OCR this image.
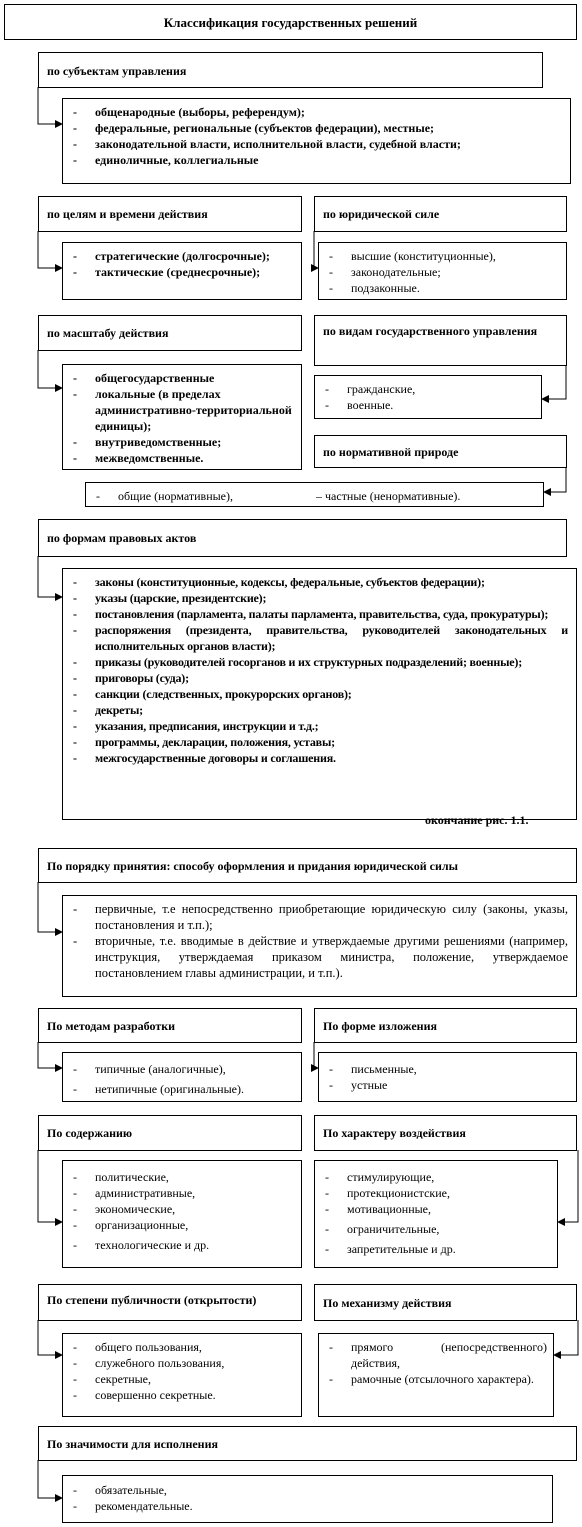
Классификация государственных решений
по субъектам управления
- общенародные (выборы, референдум);
- федеральные, региональные (субъектов федерации), местные;
- законодательной власти, исполнительной власти, судебной власти;
- единоличные, коллегиальные
по целям и времени действия
- стратегические (долгосрочные);
- тактические (среднесрочные);
по юридической силе
- высшие (конституционные),
- законодательные;
- подзаконные.
по масштабу действия
- общегосударственные
- локальные (в пределах административно-территориальной единицы);
- внутриведомственные;
- межведомственные.
по видам государственного управления
- гражданские,
- военные.
по нормативной природе
- общие (нормативные),	– частные (ненормативные).
по формам правовых актов
- законы (конституционные, кодексы, федеральные, субъектов федерации);
- указы (царские, президентские);
- постановления (парламента, палаты парламента, правительства, суда, прокуратуры);
- распоряжения (президента, правительства, руководителей законодательных и исполнительных органов власти);
- приказы (руководителей госорганов и их структурных подразделений; военные);
- приговоры (суда);
- санкции (следственных, прокурорских органов);
- декреты;
- указания, предписания, инструкции и т.д.;
- программы, декларации, положения, уставы;
- межгосударственные договоры и соглашения.
окончание рис. 1.1.
По порядку принятия: способу оформления и придания юридической силы
- первичные, т.е непосредственно приобретающие юридическую силу (законы, указы, постановления и т.п.);
- вторичные, т.е. вводимые в действие и утверждаемые другими решениями (например, инструкция, утверждаемая приказом министра, положение, утверждаемое постановлением главы администрации, и т.п.).
По методам разработки
- типичные (аналогичные),
- нетипичные (оригинальные).
По форме изложения
- письменные,
- устные
По содержанию
- политические,
- административные,
- экономические,
- организационные,
- технологические и др.
По характеру воздействия
- стимулирующие,
- протекционистские,
- мотивационные,
- ограничительные,
- запретительные и др.
По степени публичности (открытости)
- общего пользования,
- служебного пользования,
- секретные,
- совершенно секретные.
По механизму действия
- прямого (непосредственного) действия,
- рамочные (отсылочного характера).
По значимости для исполнения
- обязательные,
- рекомендательные.
